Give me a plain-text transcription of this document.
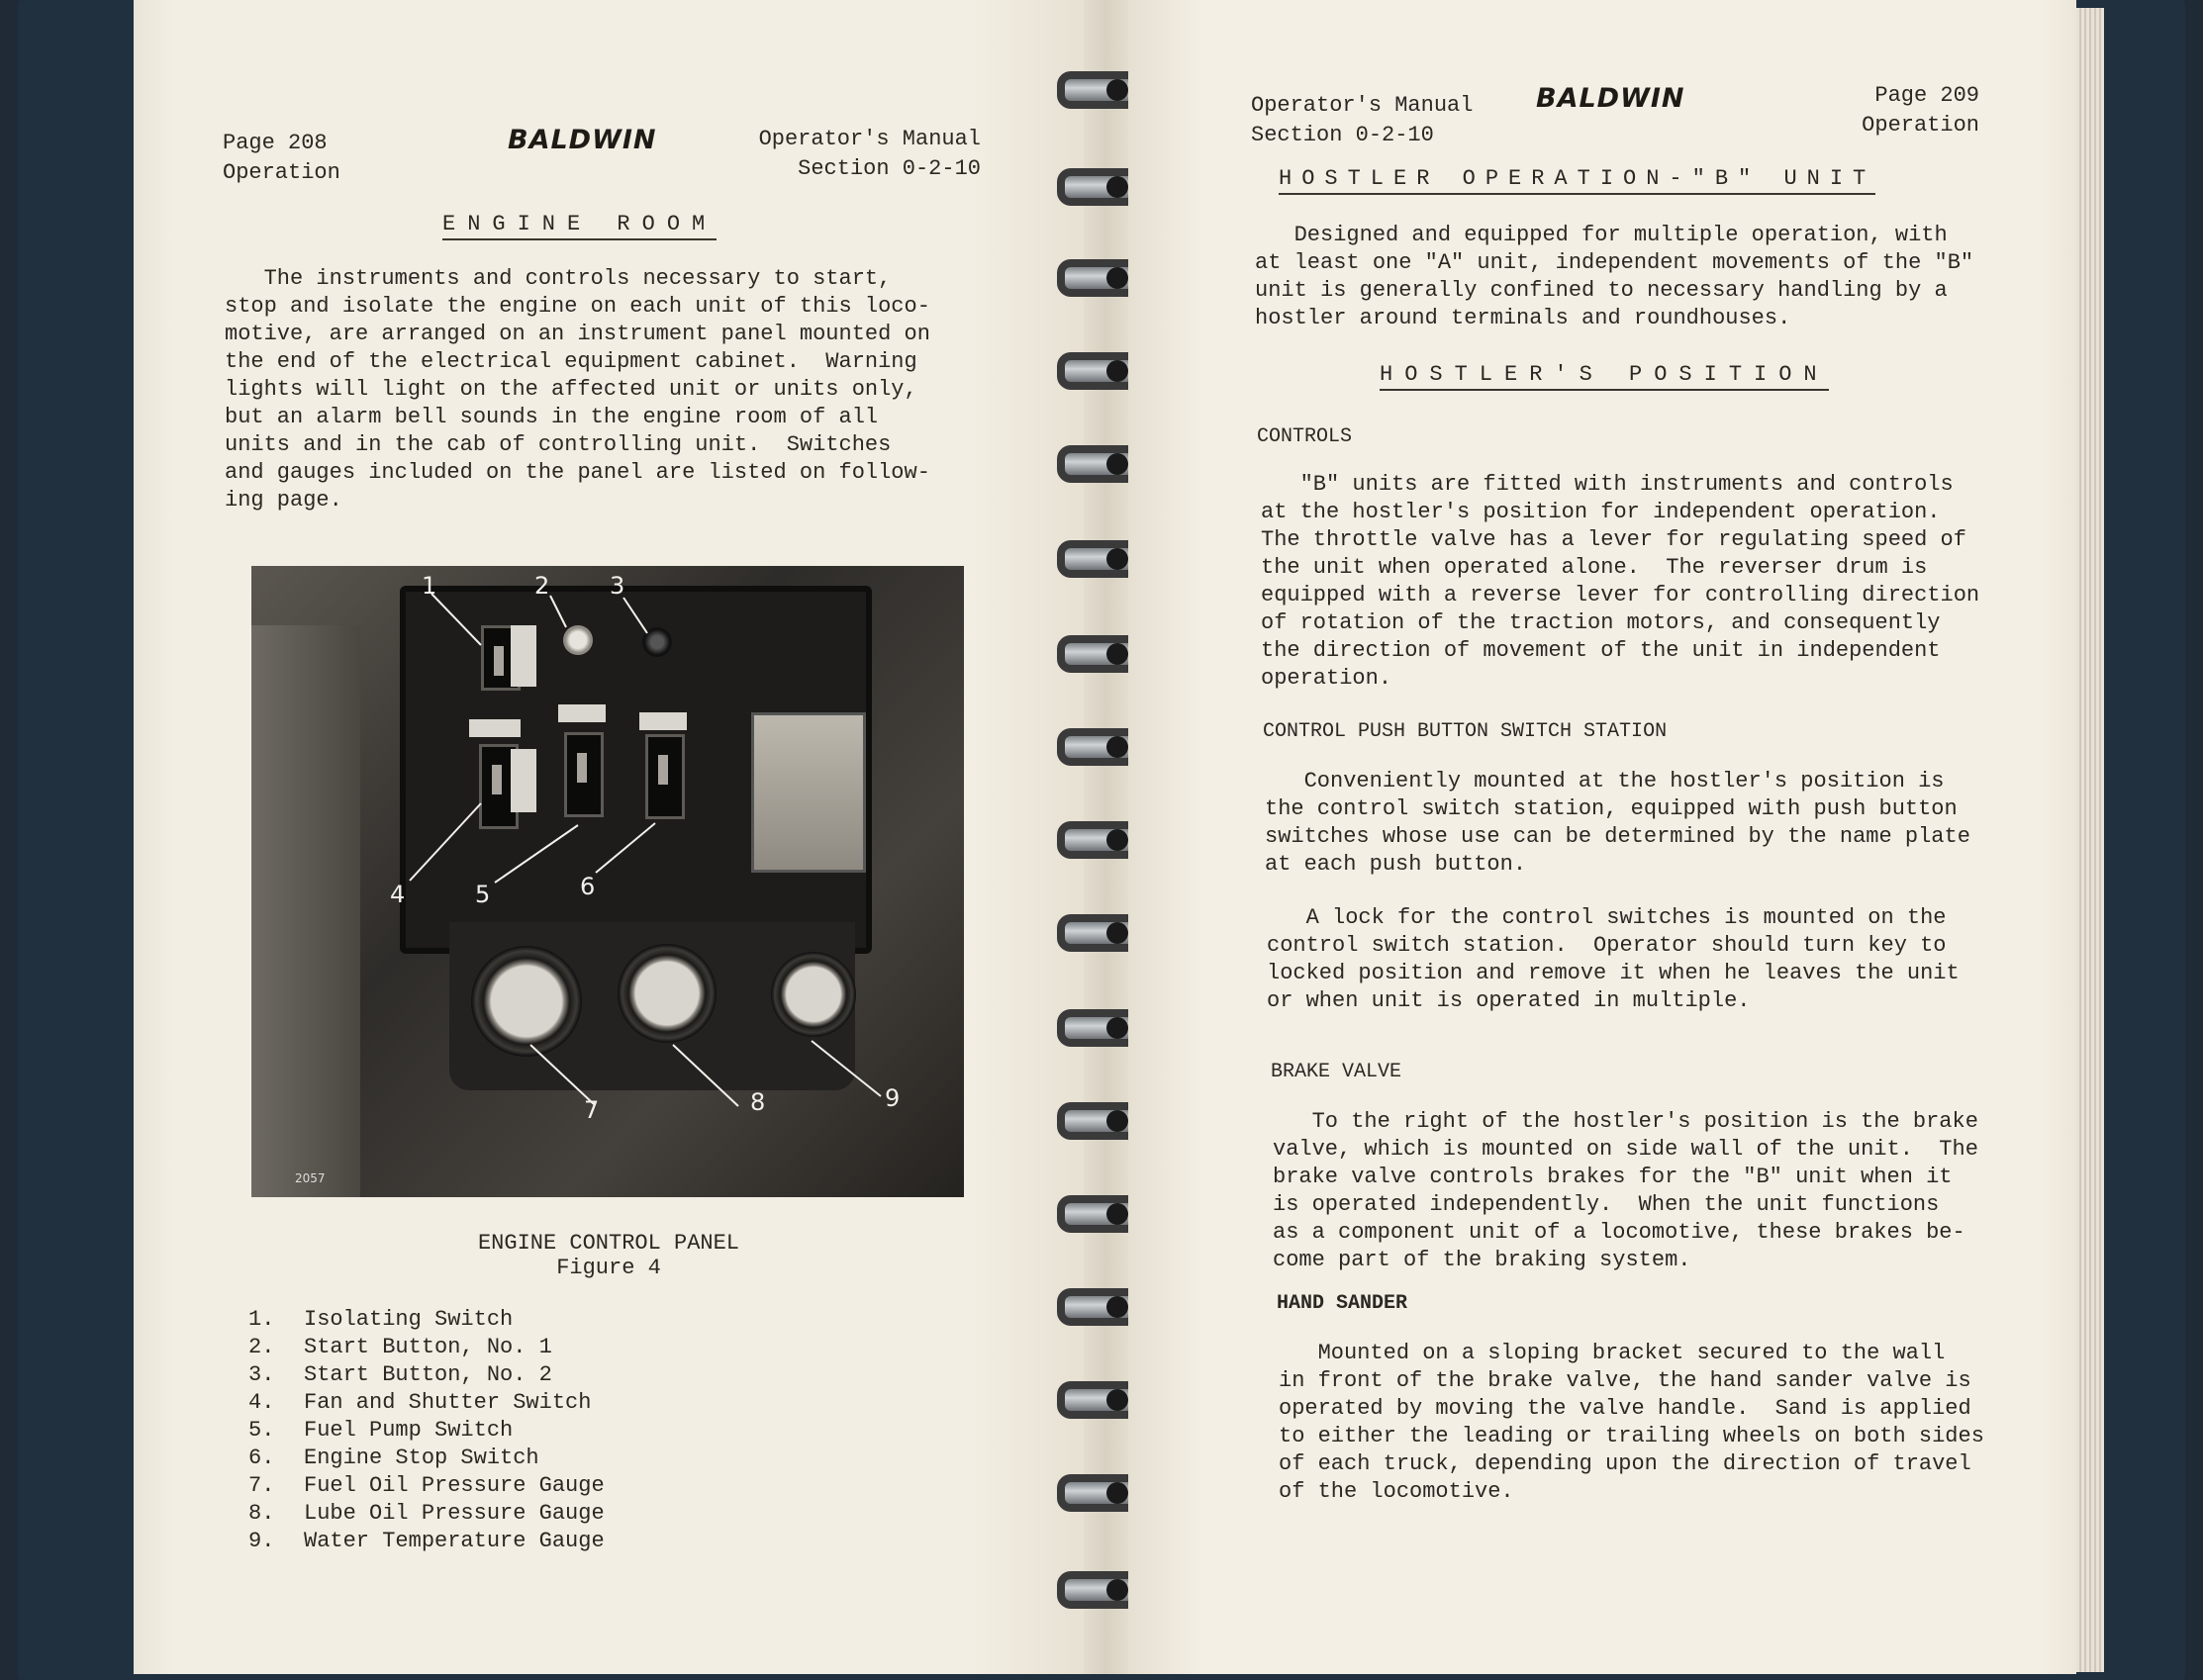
Page 208
Operation
BALDWIN	Operator's Manual
Section 0-2-10
ENGINE ROOM
The instruments and controls necessary to start,
stop and isolate the engine on each unit of this loco-
motive, are arranged on an instrument panel mounted on
the end of the electrical equipment cabinet.  Warning
lights will light on the affected unit or units only,
but an alarm bell sounds in the engine room of all
units and in the cab of controlling unit.  Switches
and gauges included on the panel are listed on follow-
ing page.
1	2	3
4	5	6
7	8	9
2057
ENGINE CONTROL PANEL
Figure 4
1.	Isolating Switch
2.	Start Button, No. 1
3.	Start Button, No. 2
4.	Fan and Shutter Switch
5.	Fuel Pump Switch
6.	Engine Stop Switch
7.	Fuel Oil Pressure Gauge
8.	Lube Oil Pressure Gauge
9.	Water Temperature Gauge
Operator's Manual
Section 0-2-10
BALDWIN	Page 209
Operation
HOSTLER OPERATION-"B" UNIT
Designed and equipped for multiple operation, with
at least one "A" unit, independent movements of the "B"
unit is generally confined to necessary handling by a
hostler around terminals and roundhouses.
HOSTLER'S POSITION
CONTROLS
"B" units are fitted with instruments and controls
at the hostler's position for independent operation.
The throttle valve has a lever for regulating speed of
the unit when operated alone.  The reverser drum is
equipped with a reverse lever for controlling direction
of rotation of the traction motors, and consequently
the direction of movement of the unit in independent
operation.
CONTROL PUSH BUTTON SWITCH STATION
Conveniently mounted at the hostler's position is
the control switch station, equipped with push button
switches whose use can be determined by the name plate
at each push button.
A lock for the control switches is mounted on the
control switch station.  Operator should turn key to
locked position and remove it when he leaves the unit
or when unit is operated in multiple.
BRAKE VALVE
To the right of the hostler's position is the brake
valve, which is mounted on side wall of the unit.  The
brake valve controls brakes for the "B" unit when it
is operated independently.  When the unit functions
as a component unit of a locomotive, these brakes be-
come part of the braking system.
HAND SANDER
Mounted on a sloping bracket secured to the wall
in front of the brake valve, the hand sander valve is
operated by moving the valve handle.  Sand is applied
to either the leading or trailing wheels on both sides
of each truck, depending upon the direction of travel
of the locomotive.
